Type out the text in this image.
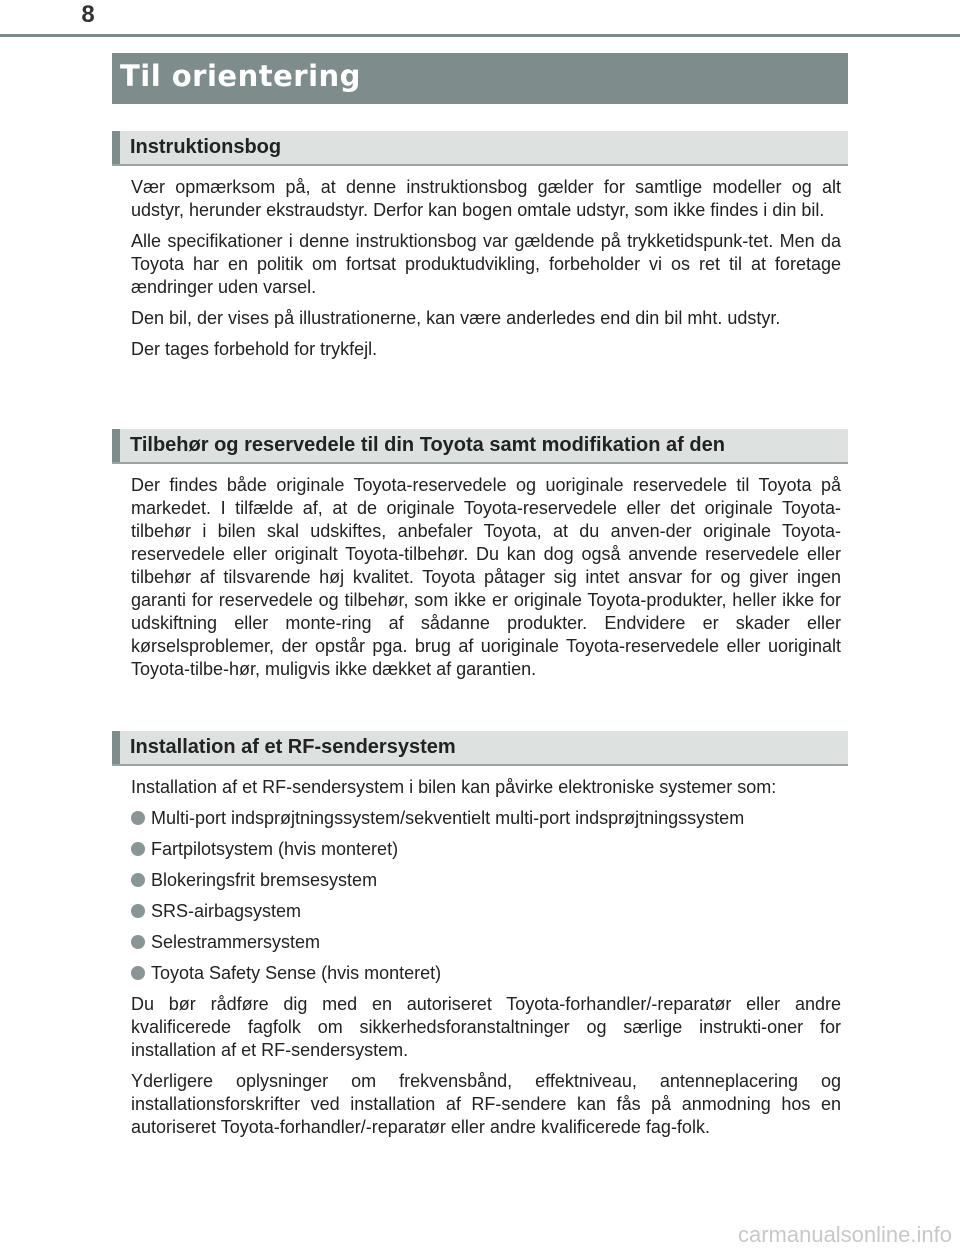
8
Til orientering
Instruktionsbog

Vær opmærksom på, at denne instruktionsbog gælder for samtlige modeller og alt udstyr, herunder ekstraudstyr. Derfor kan bogen omtale udstyr, som ikke findes i din bil.

Alle specifikationer i denne instruktionsbog var gældende på trykketidspunk-tet. Men da Toyota har en politik om fortsat produktudvikling, forbeholder vi os ret til at foretage ændringer uden varsel.

Den bil, der vises på illustrationerne, kan være anderledes end din bil mht. udstyr.

Der tages forbehold for trykfejl.

Tilbehør og reservedele til din Toyota samt modifikation af den

Der findes både originale Toyota-reservedele og uoriginale reservedele til Toyota på markedet. I tilfælde af, at de originale Toyota-reservedele eller det originale Toyota-tilbehør i bilen skal udskiftes, anbefaler Toyota, at du anven-der originale Toyota-reservedele eller originalt Toyota-tilbehør. Du kan dog også anvende reservedele eller tilbehør af tilsvarende høj kvalitet. Toyota påtager sig intet ansvar for og giver ingen garanti for reservedele og tilbehør, som ikke er originale Toyota-produkter, heller ikke for udskiftning eller monte-ring af sådanne produkter. Endvidere er skader eller kørselsproblemer, der opstår pga. brug af uoriginale Toyota-reservedele eller uoriginalt Toyota-tilbe-hør, muligvis ikke dækket af garantien.

Installation af et RF-sendersystem

Installation af et RF-sendersystem i bilen kan påvirke elektroniske systemer som:

Multi-port indsprøjtningssystem/sekventielt multi-port indsprøjtningssystem
Fartpilotsystem (hvis monteret)
Blokeringsfrit bremsesystem
SRS-airbagsystem
Selestrammersystem
Toyota Safety Sense (hvis monteret)

Du bør rådføre dig med en autoriseret Toyota-forhandler/-reparatør eller andre kvalificerede fagfolk om sikkerhedsforanstaltninger og særlige instrukti-oner for installation af et RF-sendersystem.

Yderligere oplysninger om frekvensbånd, effektniveau, antenneplacering og installationsforskrifter ved installation af RF-sendere kan fås på anmodning hos en autoriseret Toyota-forhandler/-reparatør eller andre kvalificerede fag-folk.

carmanualsonline.info
